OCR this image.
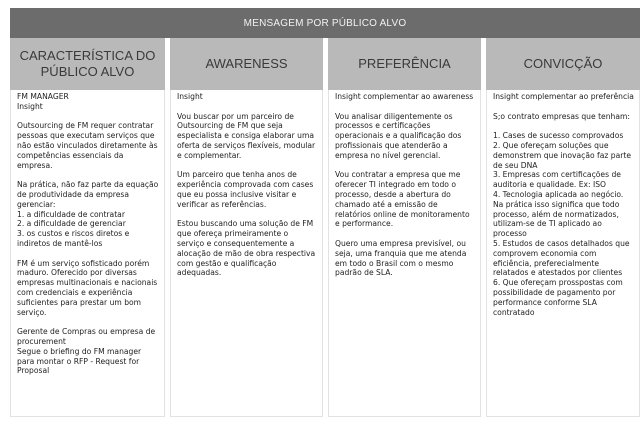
MENSAGEM POR PÚBLICO ALVO
CARACTERÍSTICA DO
PÚBLICO ALVO
AWARENESS	PREFERÊNCIA	CONVICÇÃO

FM MANAGER
Insight

Outsourcing de FM requer contratar pessoas que executam serviços que não estão vinculados diretamente às competências essenciais da empresa.

Na prática, não faz parte da equação de produtividade da empresa gerenciar:
1. a dificuldade de contratar
2. a dificuldade de gerenciar
3. os custos e riscos diretos e indiretos de mantê-los

FM é um serviço sofisticado porém maduro. Oferecido por diversas empresas multinacionais e nacionais com credenciais e experiência suficientes para prestar um bom serviço.

Gerente de Compras ou empresa de procurement
Segue o briefing do FM manager para montar o RFP - Request for Proposal

Insight

Vou buscar por um parceiro de Outsourcing de FM que seja especialista e consiga elaborar uma oferta de serviços flexíveis, modular e complementar.

Um parceiro que tenha anos de experiência comprovada com cases que eu possa inclusive visitar e verificar as referências.

Estou buscando uma solução de FM que ofereça primeiramente o serviço e consequentemente a alocação de mão de obra respectiva com gestão e qualificação adequadas.

Insight complementar ao awareness

Vou analisar diligentemente os processos e certificações operacionais e a qualificação dos profissionais que atenderão a empresa no nível gerencial.

Vou contratar a empresa que me oferecer TI integrado em todo o processo, desde a abertura do chamado até a emissão de relatórios online de monitoramento e performance.

Quero uma empresa previsível, ou seja, uma franquia que me atenda em todo o Brasil com o mesmo padrão de SLA.

Insight complementar ao preferência

S;o contrato empresas que tenham:

1. Cases de sucesso comprovados
2. Que ofereçam soluções que demonstrem que inovação faz parte de seu DNA
3. Empresas com certificações de auditoria e qualidade. Ex: ISO
4. Tecnologia aplicada ao negócio. Na prática isso significa que todo processo, além de normatizados, utilizam-se de TI aplicado ao processo
5. Estudos de casos detalhados que comprovem economia com eficiência, preferecialmente relatados e atestados por clientes
6. Que ofereçam prosspostas com possibilidade de pagamento por performance conforme SLA contratado
